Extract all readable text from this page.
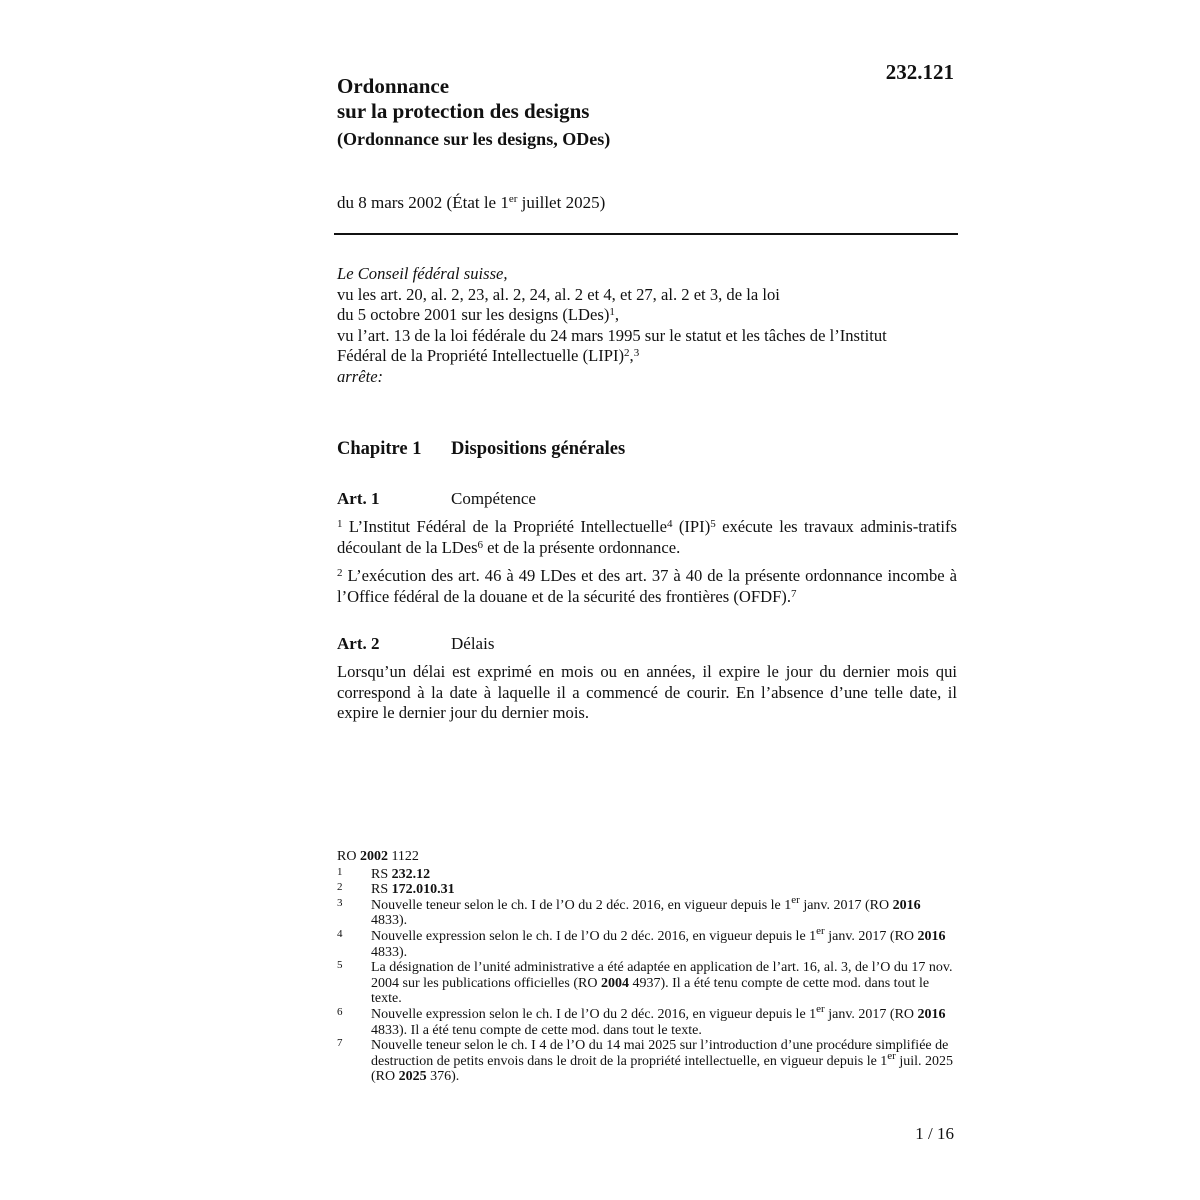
232.121
Ordonnance
sur la protection des designs
(Ordonnance sur les designs, ODes)
du 8 mars 2002 (État le 1er juillet 2025)
Le Conseil fédéral suisse,
vu les art. 20, al. 2, 23, al. 2, 24, al. 2 et 4, et 27, al. 2 et 3, de la loi
du 5 octobre 2001 sur les designs (LDes)$^1$,
vu l’art. 13 de la loi fédérale du 24 mars 1995 sur le statut et les tâches de l’Institut
Fédéral de la Propriété Intellectuelle (LIPI)$^2$,$^3$
arrête:
Chapitre 1 Dispositions générales
Art. 1	Compétence
$^1$ L’Institut Fédéral de la Propriété Intellectuelle$^4$ (IPI)$^5$ exécute les travaux adminis-tratifs découlant de la LDes$^6$ et de la présente ordonnance.
$^2$ L’exécution des art. 46 à 49 LDes et des art. 37 à 40 de la présente ordonnance incombe à l’Office fédéral de la douane et de la sécurité des frontières (OFDF).$^7$
Art. 2	Délais
Lorsqu’un délai est exprimé en mois ou en années, il expire le jour du dernier mois qui correspond à la date à laquelle il a commencé de courir. En l’absence d’une telle date, il expire le dernier jour du dernier mois.
RO 2002 1122
1 RS 232.12
2 RS 172.010.31
3 Nouvelle teneur selon le ch. I de l’O du 2 déc. 2016, en vigueur depuis le 1er janv. 2017 (RO 2016 4833).
4 Nouvelle expression selon le ch. I de l’O du 2 déc. 2016, en vigueur depuis le 1er janv. 2017 (RO 2016 4833).
5 La désignation de l’unité administrative a été adaptée en application de l’art. 16, al. 3, de l’O du 17 nov. 2004 sur les publications officielles (RO 2004 4937). Il a été tenu compte de cette mod. dans tout le texte.
6 Nouvelle expression selon le ch. I de l’O du 2 déc. 2016, en vigueur depuis le 1er janv. 2017 (RO 2016 4833). Il a été tenu compte de cette mod. dans tout le texte.
7 Nouvelle teneur selon le ch. I 4 de l’O du 14 mai 2025 sur l’introduction d’une procédure simplifiée de destruction de petits envois dans le droit de la propriété intellectuelle, en vigueur depuis le 1er juil. 2025 (RO 2025 376).
1 / 16
